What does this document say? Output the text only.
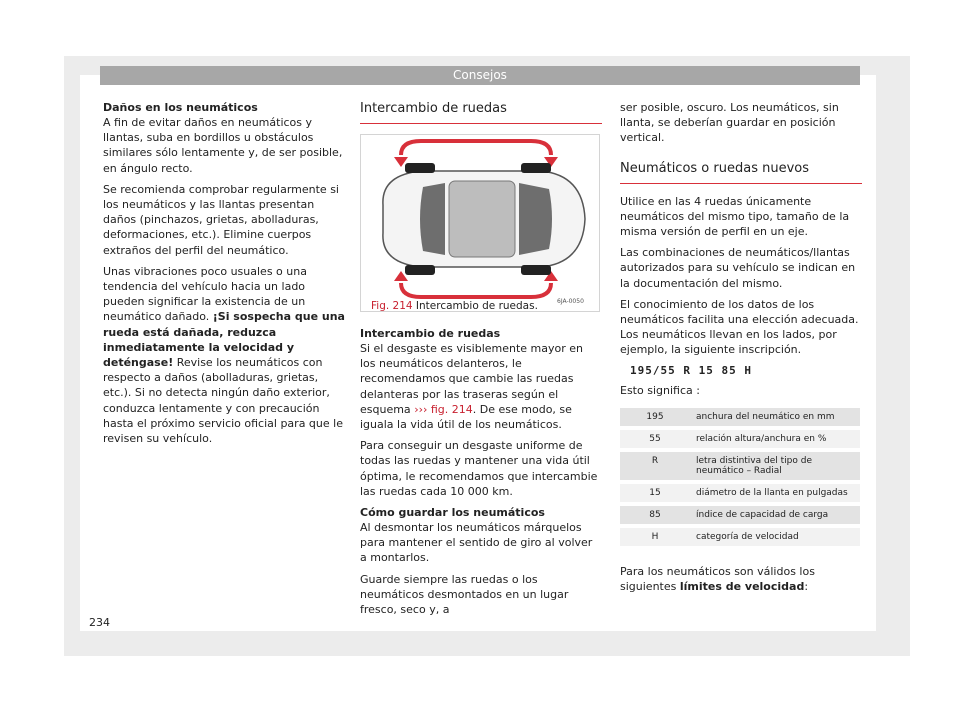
Consejos

Daños en los neumáticos

A fin de evitar daños en neumáticos y llantas, suba en bordillos u obstáculos similares sólo lentamente y, de ser posible, en ángulo recto.

Se recomienda comprobar regularmente si los neumáticos y las llantas presentan daños (pinchazos, grietas, abolladuras, deformaciones, etc.). Elimine cuerpos extraños del perfil del neumático.

Unas vibraciones poco usuales o una tendencia del vehículo hacia un lado pueden significar la existencia de un neumático dañado. ¡Si sospecha que una rueda está dañada, reduzca inmediatamente la velocidad y deténgase! Revise los neumáticos con respecto a daños (abolladuras, grietas, etc.). Si no detecta ningún daño exterior, conduzca lentamente y con precaución hasta el próximo servicio oficial para que le revisen su vehículo.

Intercambio de ruedas

6JA-0050
Fig. 214 Intercambio de ruedas.

Intercambio de ruedas

Si el desgaste es visiblemente mayor en los neumáticos delanteros, le recomendamos que cambie las ruedas delanteras por las traseras según el esquema ››› fig. 214. De ese modo, se iguala la vida útil de los neumáticos.

Para conseguir un desgaste uniforme de todas las ruedas y mantener una vida útil óptima, le recomendamos que intercambie las ruedas cada 10 000 km.

Cómo guardar los neumáticos

Al desmontar los neumáticos márquelos para mantener el sentido de giro al volver a montarlos.

Guarde siempre las ruedas o los neumáticos desmontados en un lugar fresco, seco y, a

ser posible, oscuro. Los neumáticos, sin llanta, se deberían guardar en posición vertical.

Neumáticos o ruedas nuevos

Utilice en las 4 ruedas únicamente neumáticos del mismo tipo, tamaño de la misma versión de perfil en un eje.

Las combinaciones de neumáticos/llantas autorizados para su vehículo se indican en la documentación del mismo.

El conocimiento de los datos de los neumáticos facilita una elección adecuada. Los neumáticos llevan en los lados, por ejemplo, la siguiente inscripción.

195/55 R 15 85 H

Esto significa :

195	anchura del neumático en mm
55	relación altura/anchura en %
R	letra distintiva del tipo de neumático – Radial
15	diámetro de la llanta en pulgadas
85	índice de capacidad de carga
H	categoría de velocidad

Para los neumáticos son válidos los siguientes límites de velocidad:

234
